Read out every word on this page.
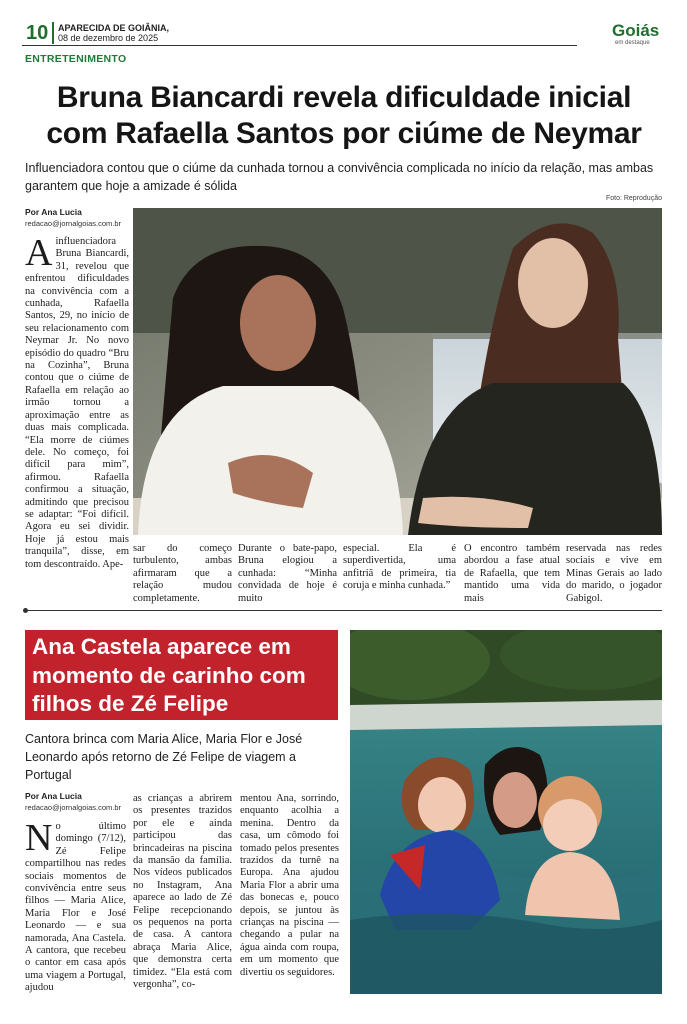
10 APARECIDA DE GOIÂNIA,
08 de dezembro de 2025	Goiás
em destaque
ENTRETENIMENTO
Bruna Biancardi revela dificuldade inicial com Rafaella Santos por ciúme de Neymar

Influenciadora contou que o ciúme da cunhada tornou a convivência complicada no início da relação, mas ambas garantem que hoje a amizade é sólida

Foto: Reprodução
Por Ana Lucia
redacao@jornalgoias.com.br
A influenciadora Bruna Biancardi, 31, revelou que enfrentou dificuldades na convivência com a cunhada, Rafaella Santos, 29, no início de seu relacionamento com Neymar Jr. No novo episódio do quadro “Bru na Cozinha”, Bruna contou que o ciúme de Rafaella em relação ao irmão tornou a aproximação entre as duas mais complicada. “Ela morre de ciúmes dele. No começo, foi difícil para mim”, afirmou. Rafaella confirmou a situação, admitindo que precisou se adaptar: “Foi difícil. Agora eu sei dividir. Hoje já estou mais tranquila”, disse, em tom descontraído. Ape-
sar do começo turbulento, ambas afirmaram que a relação mudou completamente.
Durante o bate-papo, Bruna elogiou a cunhada: “Minha convidada de hoje é muito
especial. Ela é superdivertida, uma anfitriã de primeira, tia coruja e minha cunhada.”
O encontro também abordou a fase atual de Rafaella, que tem mantido uma vida mais
reservada nas redes sociais e vive em Minas Gerais ao lado do marido, o jogador Gabigol.
Ana Castela aparece em momento de carinho com filhos de Zé Felipe

Cantora brinca com Maria Alice, Maria Flor e José Leonardo após retorno de Zé Felipe de viagem a Portugal

Por Ana Lucia
redacao@jornalgoias.com.br
No último domingo (7/12), Zé Felipe compartilhou nas redes sociais momentos de convivência entre seus filhos — Maria Alice, Maria Flor e José Leonardo — e sua namorada, Ana Castela. A cantora, que recebeu o cantor em casa após uma viagem a Portugal, ajudou
as crianças a abrirem os presentes trazidos por ele e ainda participou das brincadeiras na piscina da mansão da família. Nos vídeos publicados no Instagram, Ana aparece ao lado de Zé Felipe recepcionando os pequenos na porta de casa. A cantora abraça Maria Alice, que demonstra certa timidez. “Ela está com vergonha”, co-
mentou Ana, sorrindo, enquanto acolhia a menina. Dentro da casa, um cômodo foi tomado pelos presentes trazidos da turnê na Europa. Ana ajudou Maria Flor a abrir uma das bonecas e, pouco depois, se juntou às crianças na piscina — chegando a pular na água ainda com roupa, em um momento que divertiu os seguidores.
